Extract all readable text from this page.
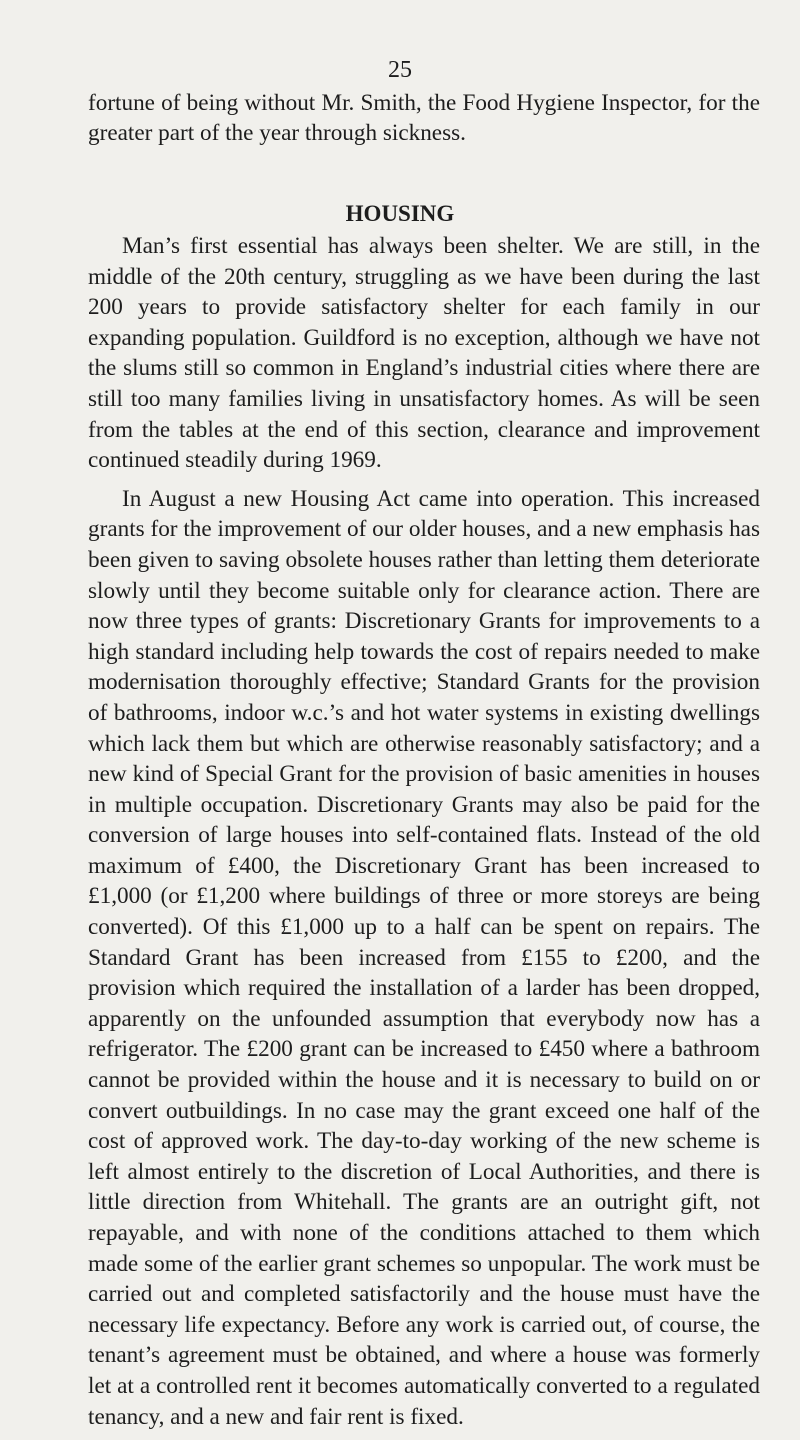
25

fortune of being without Mr. Smith, the Food Hygiene Inspector, for the greater part of the year through sickness.

HOUSING

Man’s first essential has always been shelter. We are still, in the middle of the 20th century, struggling as we have been during the last 200 years to provide satisfactory shelter for each family in our expanding population. Guildford is no exception, although we have not the slums still so common in England’s industrial cities where there are still too many families living in unsatisfactory homes. As will be seen from the tables at the end of this section, clearance and improvement continued steadily during 1969.

In August a new Housing Act came into operation. This increased grants for the improvement of our older houses, and a new emphasis has been given to saving obsolete houses rather than letting them deteriorate slowly until they become suitable only for clearance action. There are now three types of grants: Discretionary Grants for improvements to a high standard including help towards the cost of repairs needed to make modernisation thoroughly effective; Standard Grants for the provision of bathrooms, indoor w.c.’s and hot water systems in existing dwellings which lack them but which are otherwise reasonably satisfactory; and a new kind of Special Grant for the provision of basic amenities in houses in multiple occupation. Discretionary Grants may also be paid for the conversion of large houses into self-contained flats. Instead of the old maximum of £400, the Discretionary Grant has been increased to £1,000 (or £1,200 where buildings of three or more storeys are being converted). Of this £1,000 up to a half can be spent on repairs. The Standard Grant has been increased from £155 to £200, and the provision which required the installation of a larder has been dropped, apparently on the unfounded assumption that everybody now has a refrigerator. The £200 grant can be increased to £450 where a bathroom cannot be provided within the house and it is necessary to build on or convert outbuildings. In no case may the grant exceed one half of the cost of approved work. The day-to-day working of the new scheme is left almost entirely to the discretion of Local Authorities, and there is little direction from Whitehall. The grants are an outright gift, not repayable, and with none of the conditions attached to them which made some of the earlier grant schemes so unpopular. The work must be carried out and completed satisfactorily and the house must have the necessary life expectancy. Before any work is carried out, of course, the tenant’s agreement must be obtained, and where a house was formerly let at a controlled rent it becomes automatically converted to a regulated tenancy, and a new and fair rent is fixed.
